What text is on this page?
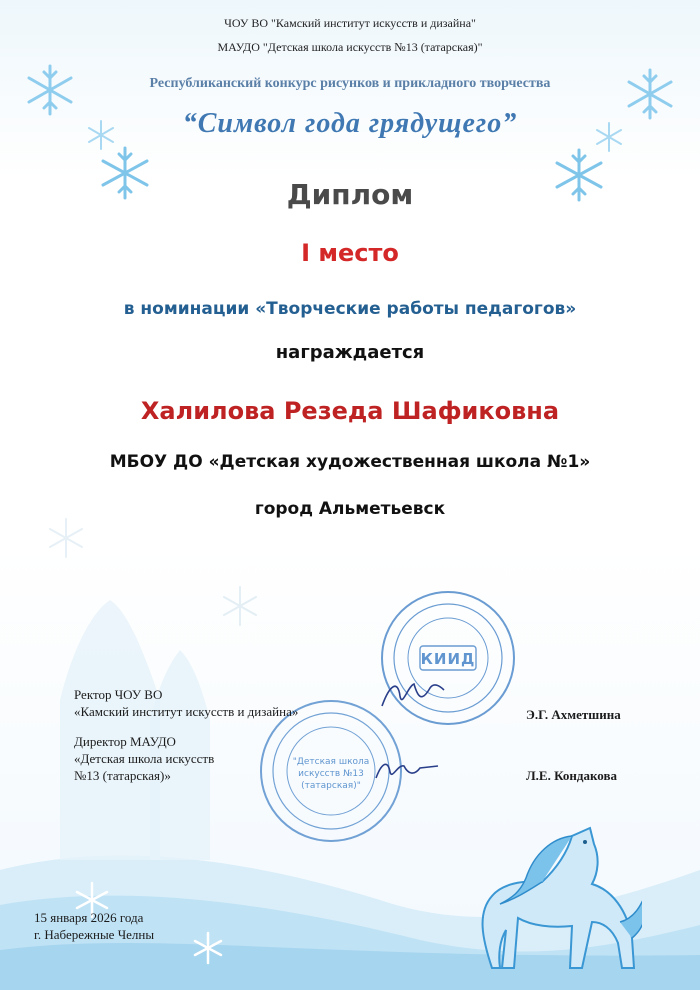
КИИД
"Детская школа
искусств №13
(татарская)"
ЧОУ ВО "Камский институт искусств и дизайна"
МАУДО "Детская школа искусств №13 (татарская)"
Республиканский конкурс рисунков и прикладного творчества
“Символ года грядущего”
Диплом
I место
в номинации «Творческие работы педагогов»
награждается
Халилова Резеда Шафиковна
МБОУ ДО «Детская художественная школа №1»
город Альметьевск
Ректор ЧОУ ВО
«Камский институт искусств и дизайна»	Э.Г. Ахметшина
Директор МАУДО
«Детская школа искусств
№13 (татарская)»	Л.Е. Кондакова
15 января 2026 года
г. Набережные Челны
